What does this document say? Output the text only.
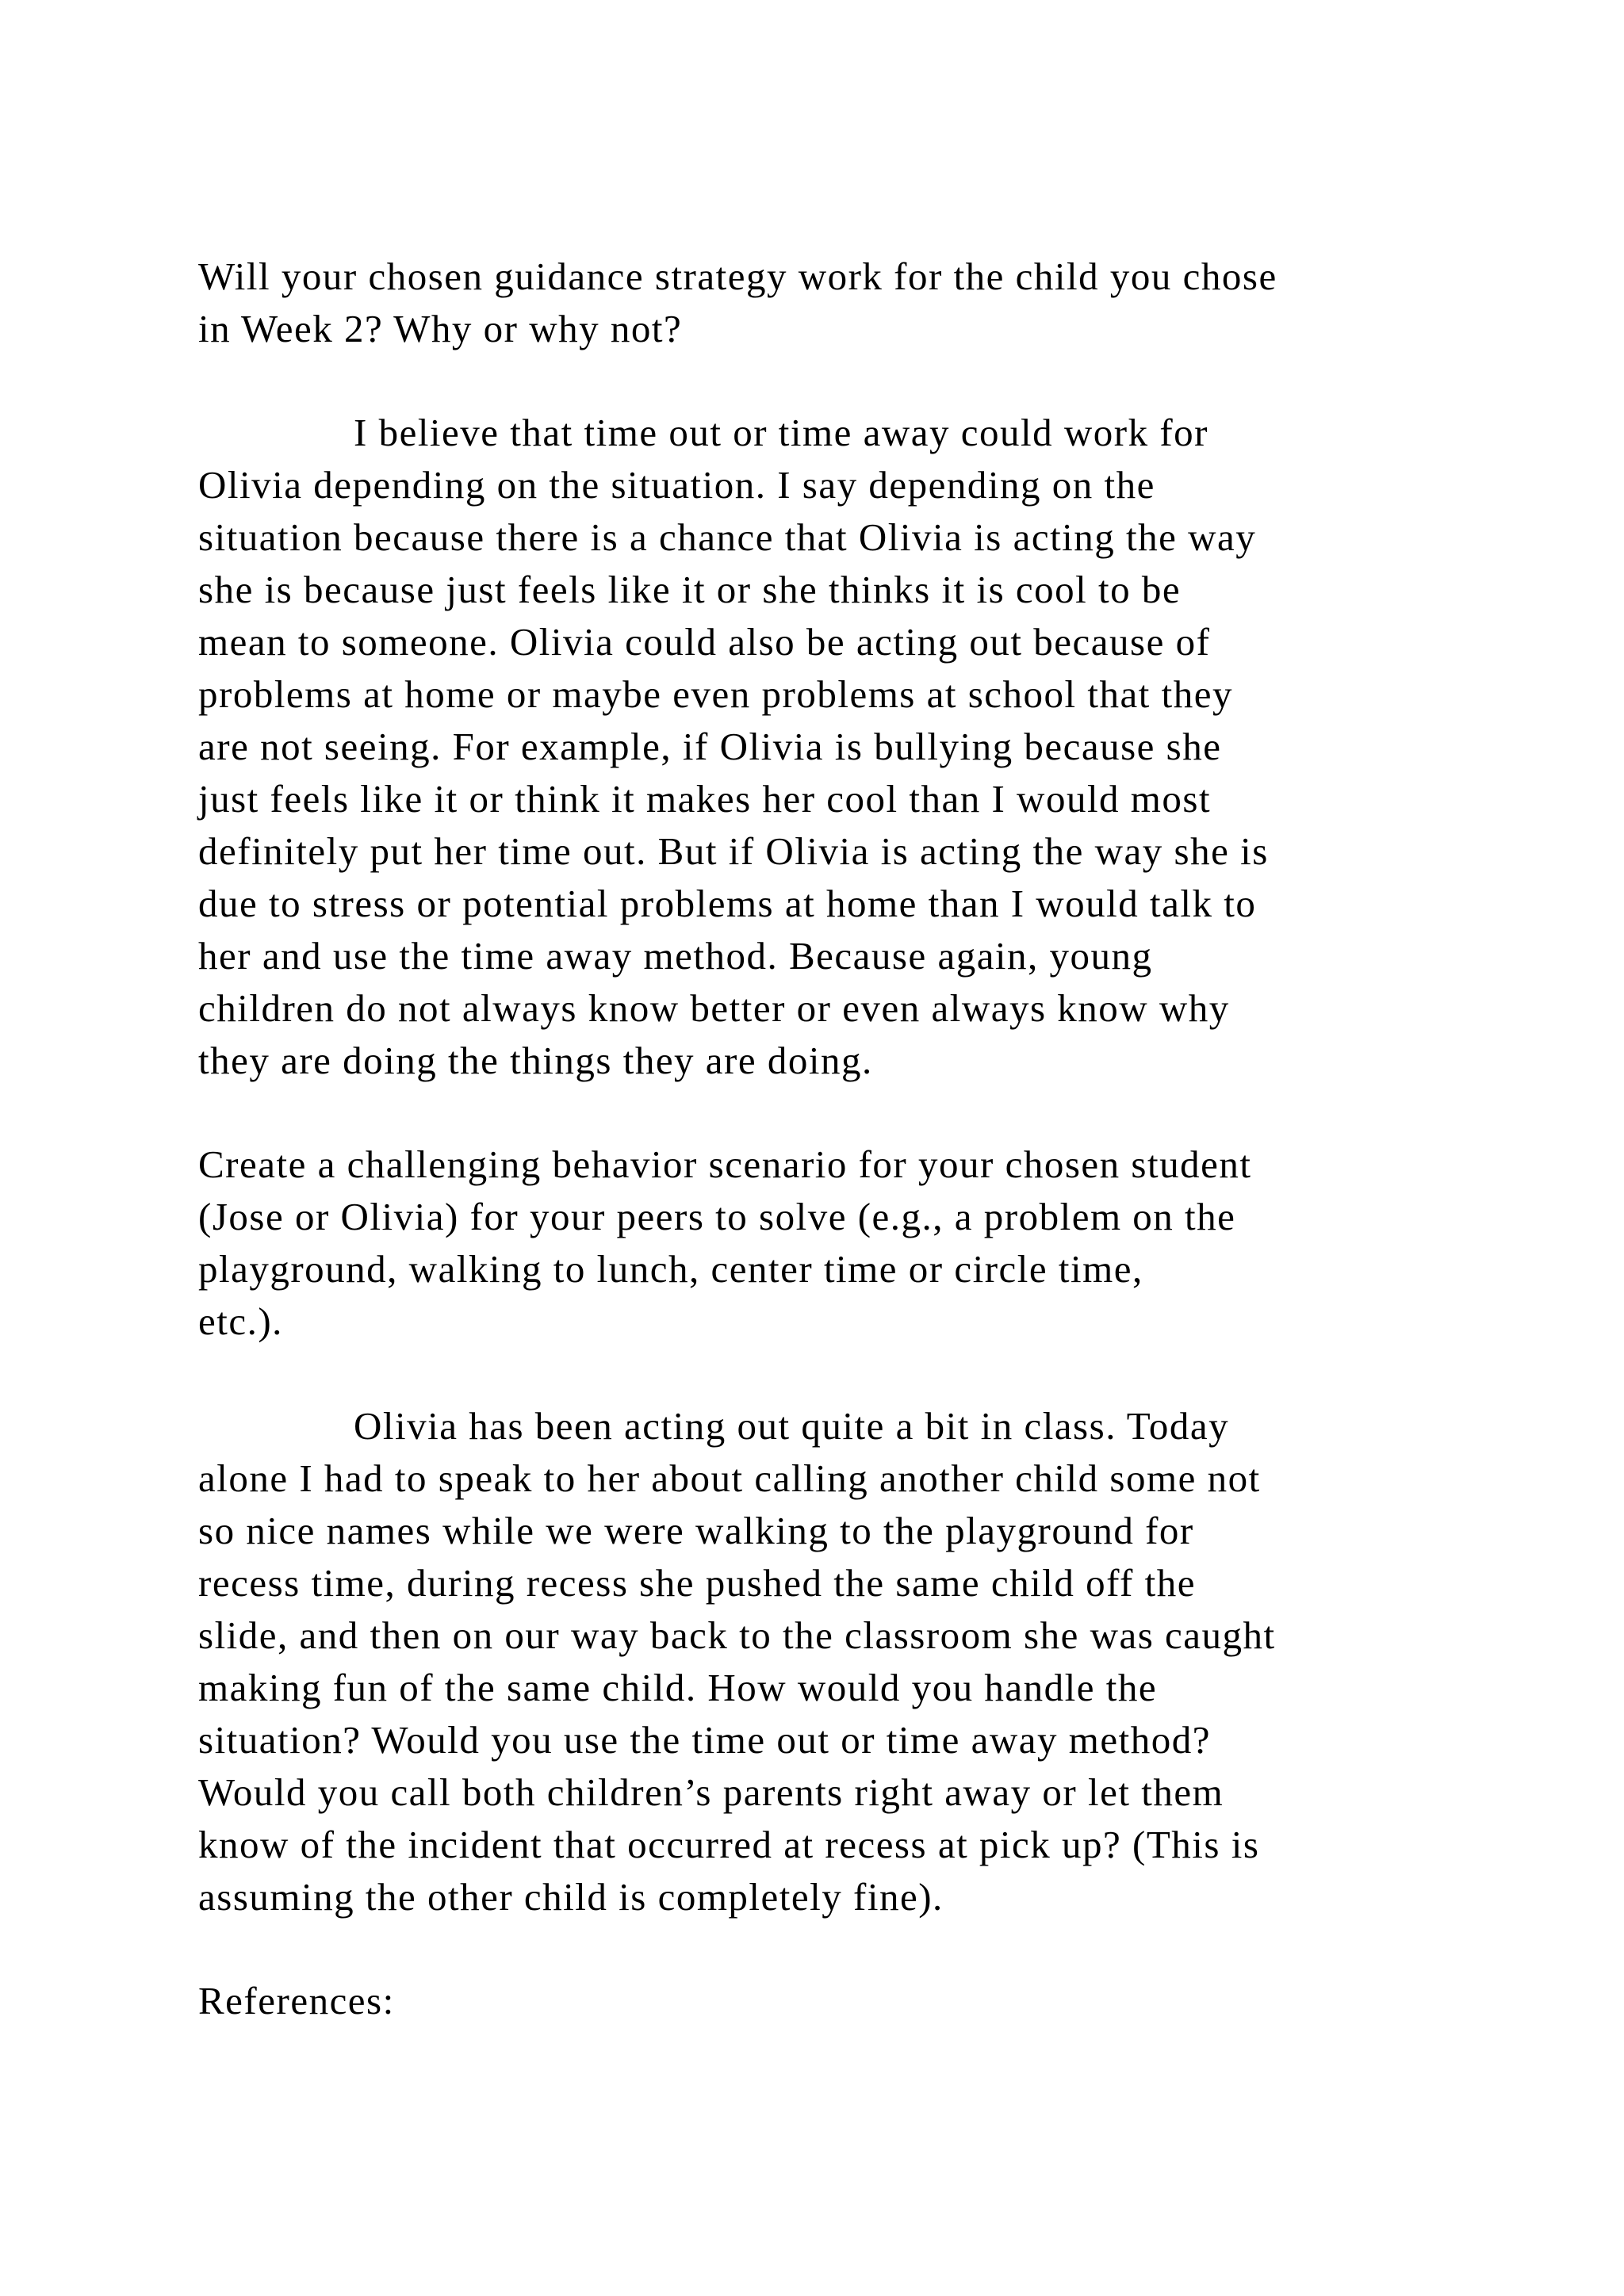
Will your chosen guidance strategy work for the child you chose

in Week 2? Why or why not?

I believe that time out or time away could work for

Olivia depending on the situation. I say depending on the

situation because there is a chance that Olivia is acting the way

she is because just feels like it or she thinks it is cool to be

mean to someone. Olivia could also be acting out because of

problems at home or maybe even problems at school that they

are not seeing. For example, if Olivia is bullying because she

just feels like it or think it makes her cool than I would most

definitely put her time out. But if Olivia is acting the way she is

due to stress or potential problems at home than I would talk to

her and use the time away method. Because again, young

children do not always know better or even always know why

they are doing the things they are doing.

Create a challenging behavior scenario for your chosen student

(Jose or Olivia) for your peers to solve (e.g., a problem on the

playground, walking to lunch, center time or circle time,

etc.).

Olivia has been acting out quite a bit in class. Today

alone I had to speak to her about calling another child some not

so nice names while we were walking to the playground for

recess time, during recess she pushed the same child off the

slide, and then on our way back to the classroom she was caught

making fun of the same child. How would you handle the

situation? Would you use the time out or time away method?

Would you call both children’s parents right away or let them

know of the incident that occurred at recess at pick up? (This is

assuming the other child is completely fine).

References:
